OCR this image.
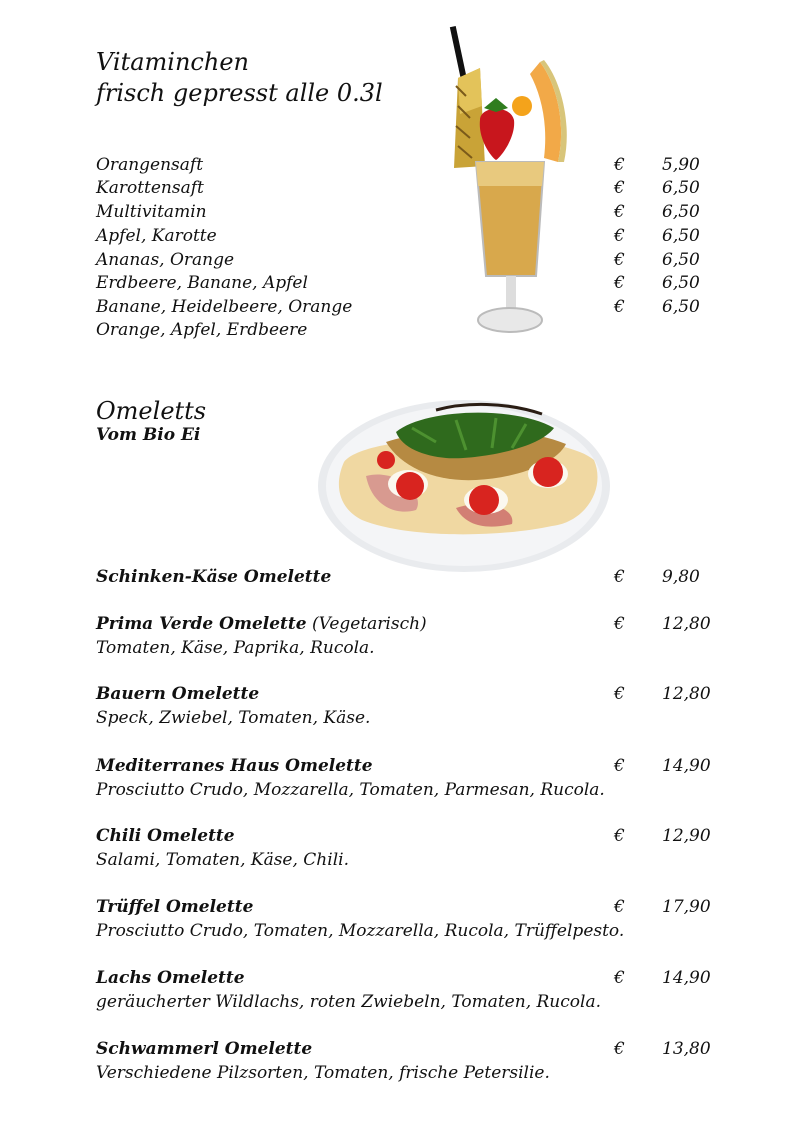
Vitaminchen
frisch gepresst alle 0.3l
Orangensaft	€ 5,90
Karottensaft	€ 6,50
Multivitamin	€ 6,50
Apfel, Karotte	€ 6,50
Ananas, Orange	€ 6,50
Erdbeere, Banane, Apfel	€ 6,50
Banane, Heidelbeere, Orange	€ 6,50
Orange, Apfel, Erdbeere
Omeletts
Vom Bio Ei
Schinken-Käse Omelette	€ 9,80
Prima Verde Omelette (Vegetarisch)	€ 12,80
Tomaten, Käse, Paprika, Rucola.
Bauern Omelette	€ 12,80
Speck, Zwiebel, Tomaten, Käse.
Mediterranes Haus Omelette	€ 14,90
Prosciutto Crudo, Mozzarella, Tomaten, Parmesan, Rucola.
Chili Omelette	€ 12,90
Salami, Tomaten, Käse, Chili.
Trüffel Omelette	€ 17,90
Prosciutto Crudo, Tomaten, Mozzarella, Rucola, Trüffelpesto.
Lachs Omelette	€ 14,90
geräucherter Wildlachs, roten Zwiebeln, Tomaten, Rucola.
Schwammerl Omelette	€ 13,80
Verschiedene Pilzsorten, Tomaten, frische Petersilie.
